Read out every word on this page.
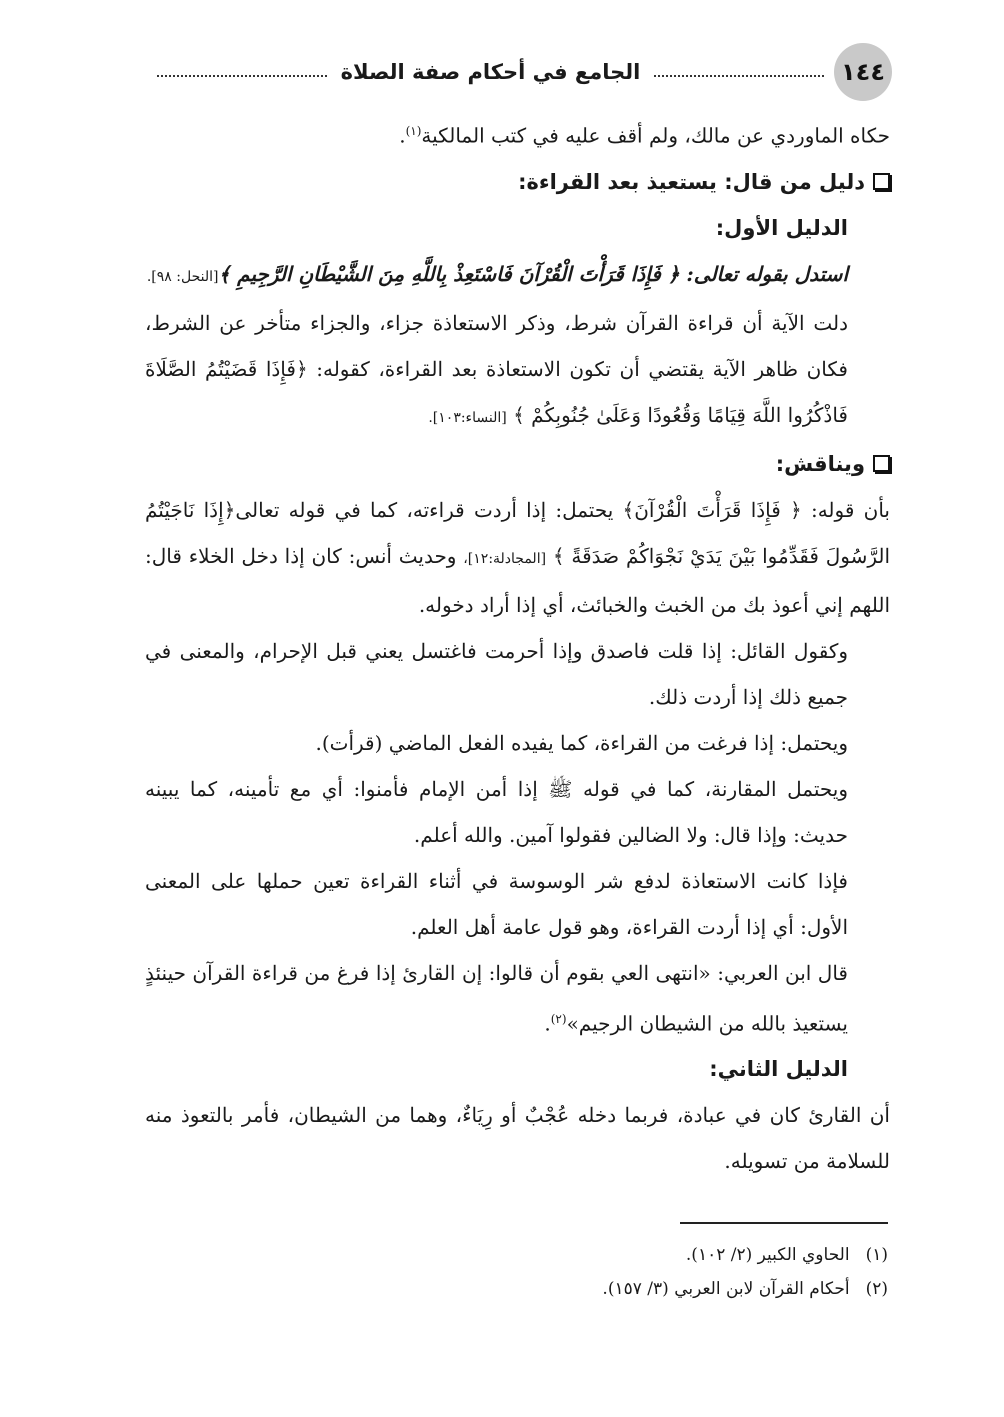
١٤٤
الجامع في أحكام صفة الصلاة

حكاه الماوردي عن مالك، ولم أقف عليه في كتب المالكية$^{(١)}$.

دليل من قال: يستعيذ بعد القراءة:
الدليل الأول:

استدل بقوله تعالى: ﴿ فَإِذَا قَرَأْتَ الْقُرْآنَ فَاسْتَعِذْ بِاللَّهِ مِنَ الشَّيْطَانِ الرَّجِيمِ ﴾[النحل: ٩٨].

دلت الآية أن قراءة القرآن شرط، وذكر الاستعاذة جزاء، والجزاء متأخر عن الشرط، فكان ظاهر الآية يقتضي أن تكون الاستعاذة بعد القراءة، كقوله: ﴿فَإِذَا قَضَيْتُمُ الصَّلَاةَ فَاذْكُرُوا اللَّهَ قِيَامًا وَقُعُودًا وَعَلَىٰ جُنُوبِكُمْ ﴾ [النساء:١٠٣].

ويناقش:

بأن قوله: ﴿ فَإِذَا قَرَأْتَ الْقُرْآنَ﴾ يحتمل: إذا أردت قراءته، كما في قوله تعالى﴿إِذَا نَاجَيْتُمُ الرَّسُولَ فَقَدِّمُوا بَيْنَ يَدَيْ نَجْوَاكُمْ صَدَقَةً ﴾ [المجادلة:١٢]، وحديث أنس: كان إذا دخل الخلاء قال: اللهم إني أعوذ بك من الخبث والخبائث، أي إذا أراد دخوله.

وكقول القائل: إذا قلت فاصدق وإذا أحرمت فاغتسل يعني قبل الإحرام، والمعنى في جميع ذلك إذا أردت ذلك.

ويحتمل: إذا فرغت من القراءة، كما يفيده الفعل الماضي (قرأت).

ويحتمل المقارنة، كما في قوله ﷺ إذا أمن الإمام فأمنوا: أي مع تأمينه، كما يبينه حديث: وإذا قال: ولا الضالين فقولوا آمين. والله أعلم.

فإذا كانت الاستعاذة لدفع شر الوسوسة في أثناء القراءة تعين حملها على المعنى الأول: أي إذا أردت القراءة، وهو قول عامة أهل العلم.

قال ابن العربي: «انتهى العي بقوم أن قالوا: إن القارئ إذا فرغ من قراءة القرآن حينئذٍ يستعيذ بالله من الشيطان الرجيم»$^{(٢)}$.

الدليل الثاني:

أن القارئ كان في عبادة، فربما دخله عُجْبٌ أو رِيَاءٌ، وهما من الشيطان، فأمر بالتعوذ منه للسلامة من تسويله.

(١)
الحاوي الكبير (٢/ ١٠٢).
(٢)
أحكام القرآن لابن العربي (٣/ ١٥٧).
